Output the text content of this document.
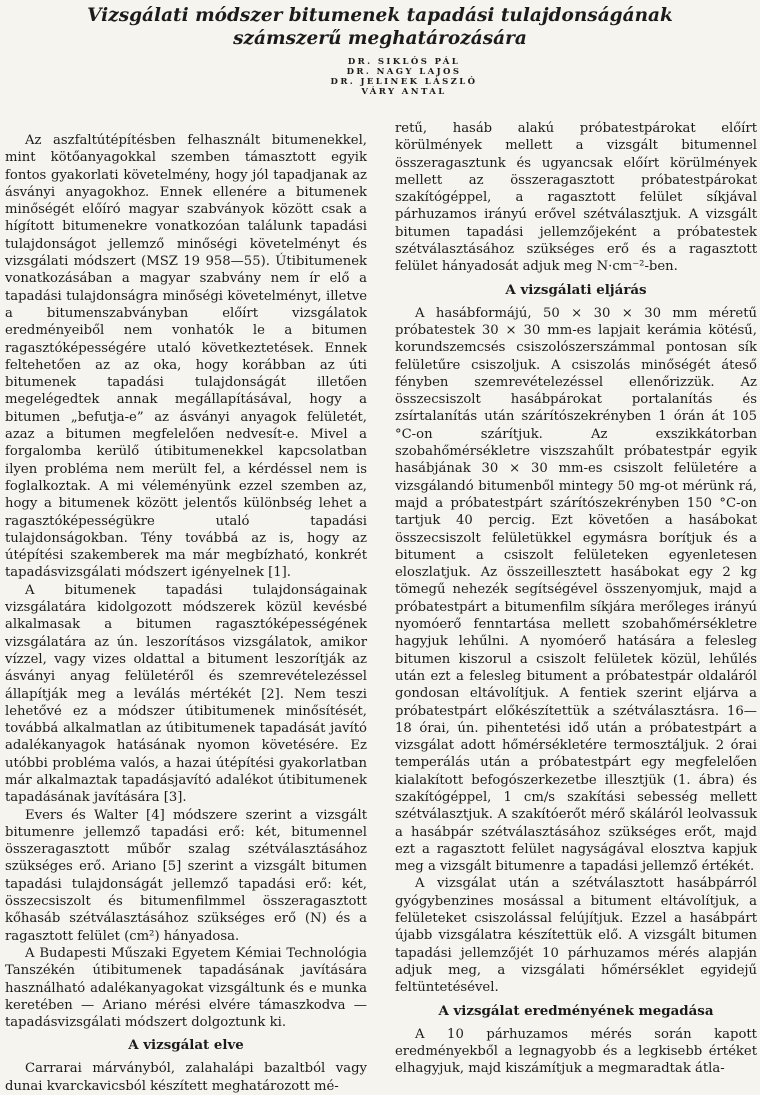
Vizsgálati módszer bitumenek tapadási tulajdonságának
számszerű meghatározására
DR. SIKLÓS PÁL
DR. NAGY LAJOS
DR. JELINEK LÁSZLÓ
VÁRY ANTAL

Az aszfaltútépítésben felhasznált bitumenekkel, mint kötőanyagokkal szemben támasztott egyik fontos gyakorlati követelmény, hogy jól tapadjanak az ásványi anyagokhoz. Ennek ellenére a bitumenek minőségét előíró magyar szabványok között csak a hígított bitumenekre vonatkozóan találunk tapadási tulajdonságot jellemző minőségi követelményt és vizsgálati módszert (MSZ 19 958—55). Útibitumenek vonatkozásában a magyar szabvány nem ír elő a tapadási tulajdonságra minőségi követelményt, illetve a bitumenszabványban előírt vizsgálatok eredményeiből nem vonhatók le a bitumen ragasztóképességére utaló következtetések. Ennek feltehetően az az oka, hogy korábban az úti bitumenek tapadási tulajdonságát illetően megelégedtek annak megállapításával, hogy a bitumen „befutja-e” az ásványi anyagok felületét, azaz a bitumen megfelelően nedvesít-e. Mivel a forgalomba kerülő útibitumenekkel kapcsolatban ilyen probléma nem merült fel, a kérdéssel nem is foglalkoztak. A mi véleményünk ezzel szemben az, hogy a bitumenek között jelentős különbség lehet a ragasztóképességükre utaló tapadási tulajdonságokban. Tény továbbá az is, hogy az útépítési szakemberek ma már megbízható, konkrét tapadásvizsgálati módszert igényelnek [1].

A bitumenek tapadási tulajdonságainak vizsgálatára kidolgozott módszerek közül kevésbé alkalmasak a bitumen ragasztóképességének vizsgálatára az ún. leszorításos vizsgálatok, amikor vízzel, vagy vizes oldattal a bitument leszorítják az ásványi anyag felületéről és szemrevételezéssel állapítják meg a leválás mértékét [2]. Nem teszi lehetővé ez a módszer útibitumenek minősítését, továbbá alkalmatlan az útibitumenek tapadását javító adalékanyagok hatásának nyomon követésére. Ez utóbbi probléma valós, a hazai útépítési gyakorlatban már alkalmaztak tapadásjavító adalékot útibitumenek tapadásának javítására [3].

Evers és Walter [4] módszere szerint a vizsgált bitumenre jellemző tapadási erő: két, bitumennel összeragasztott műbőr szalag szétválasztásához szükséges erő. Ariano [5] szerint a vizsgált bitumen tapadási tulajdonságát jellemző tapadási erő: két, összecsiszolt és bitumenfilmmel összeragasztott kőhasáb szétválasztásához szükséges erő (N) és a ragasztott felület (cm²) hányadosa.

A Budapesti Műszaki Egyetem Kémiai Technológia Tanszékén útibitumenek tapadásának javítására használható adalékanyagokat vizsgáltunk és e munka keretében — Ariano mérési elvére támaszkodva — tapadásvizsgálati módszert dolgoztunk ki.

A vizsgálat elve

Carrarai márványból, zalahalápi bazaltból vagy dunai kvarckavicsból készített meghatározott mé-

retű, hasáb alakú próbatestpárokat előírt körülmények mellett a vizsgált bitumennel összeragasztunk és ugyancsak előírt körülmények mellett az összeragasztott próbatestpárokat szakítógéppel, a ragasztott felület síkjával párhuzamos irányú erővel szétválasztjuk. A vizsgált bitumen tapadási jellemzőjeként a próbatestek szétválasztásához szükséges erő és a ragasztott felület hányadosát adjuk meg N·cm⁻²-ben.

A vizsgálati eljárás

A hasábformájú, 50 × 30 × 30 mm méretű próbatestek 30 × 30 mm-es lapjait kerámia kötésű, korundszemcsés csiszolószerszámmal pontosan sík felületűre csiszoljuk. A csiszolás minőségét áteső fényben szemrevételezéssel ellenőrizzük. Az összecsiszolt hasábpárokat portalanítás és zsírtalanítás után szárítószekrényben 1 órán át 105 °C-on szárítjuk. Az exszikkátorban szobahőmérsékletre viszszahűlt próbatestpár egyik hasábjának 30 × 30 mm-es csiszolt felületére a vizsgálandó bitumenből mintegy 50 mg-ot mérünk rá, majd a próbatestpárt szárítószekrényben 150 °C-on tartjuk 40 percig. Ezt követően a hasábokat összecsiszolt felületükkel egymásra borítjuk és a bitument a csiszolt felületeken egyenletesen eloszlatjuk. Az összeillesztett hasábokat egy 2 kg tömegű nehezék segítségével összenyomjuk, majd a próbatestpárt a bitumenfilm síkjára merőleges irányú nyomóerő fenntartása mellett szobahőmérsékletre hagyjuk lehűlni. A nyomóerő hatására a felesleg bitumen kiszorul a csiszolt felületek közül, lehűlés után ezt a felesleg bitument a próbatestpár oldaláról gondosan eltávolítjuk. A fentiek szerint eljárva a próbatestpárt előkészítettük a szétválasztásra. 16—18 órai, ún. pihentetési idő után a próbatestpárt a vizsgálat adott hőmérsékletére termosztáljuk. 2 órai temperálás után a próbatestpárt egy megfelelően kialakított befogószerkezetbe illesztjük (1. ábra) és szakítógéppel, 1 cm/s szakítási sebesség mellett szétválasztjuk. A szakítóerőt mérő skáláról leolvassuk a hasábpár szétválasztásához szükséges erőt, majd ezt a ragasztott felület nagyságával elosztva kapjuk meg a vizsgált bitumenre a tapadási jellemző értékét.

A vizsgálat után a szétválasztott hasábpárról gyógybenzines mosással a bitument eltávolítjuk, a felületeket csiszolással felújítjuk. Ezzel a hasábpárt újabb vizsgálatra készítettük elő. A vizsgált bitumen tapadási jellemzőjét 10 párhuzamos mérés alapján adjuk meg, a vizsgálati hőmérséklet egyidejű feltüntetésével.

A vizsgálat eredményének megadása

A 10 párhuzamos mérés során kapott eredményekből a legnagyobb és a legkisebb értéket elhagyjuk, majd kiszámítjuk a megmaradtak átla-
